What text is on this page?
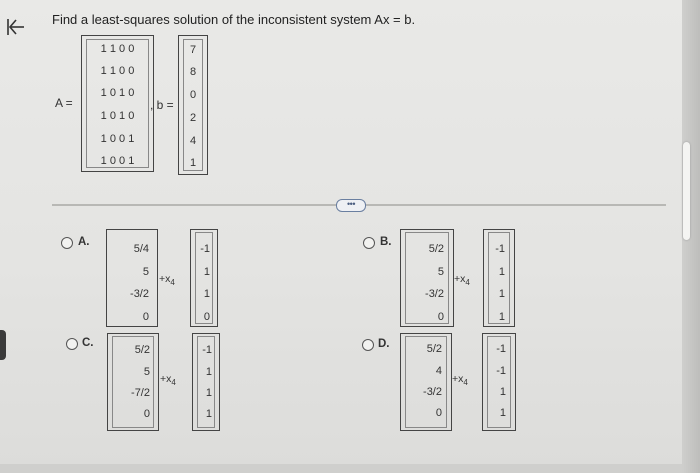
Find a least-squares solution of the inconsistent system Ax = b.
A =
1 1 0 0
1 1 0 0
1 0 1 0
1 0 1 0
1 0 0 1
1 0 0 1
, b =
7
8
0
2
4
1
•••
A.
5/4
5
-3/2
0
$+x_4$
-1
1
1
0
B.
5/2
5
-3/2
0
$+x_4$
-1
1
1
1
C.
5/2
5
-7/2
0
$+x_4$
-1
1
1
1
D.	5/2
4
-3/2
0
$+x_4$
-1
-1
1
1
